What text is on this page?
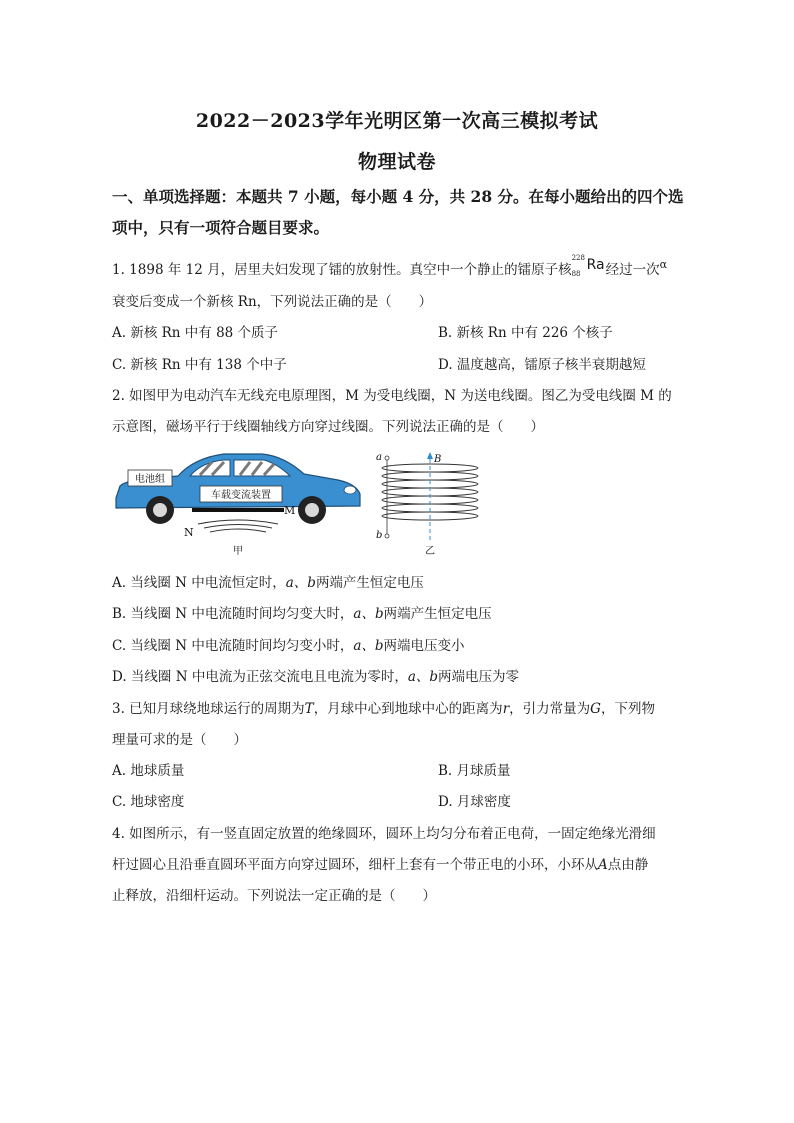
2022－2023学年光明区第一次高三模拟考试
物理试卷
一、单项选择题：本题共 7 小题，每小题 4 分，共 28 分。在每小题给出的四个选
项中，只有一项符合题目要求。
1. 1898 年 12 月，居里夫妇发现了镭的放射性。真空中一个静止的镭原子核
228
88
Ra 经过一次$^\alpha$
衰变后变成一个新核 Rn，下列说法正确的是（　　）
A. 新核 Rn 中有 88 个质子	B. 新核 Rn 中有 226 个核子
C. 新核 Rn 中有 138 个中子	D. 温度越高，镭原子核半衰期越短
2. 如图甲为电动汽车无线充电原理图，M 为受电线圈，N 为送电线圈。图乙为受电线圈 M 的
示意图，磁场平行于线圈轴线方向穿过线圈。下列说法正确的是（　　）
电池组
车载变流装置
M
N
甲
a
b
B
乙
A. 当线圈 N 中电流恒定时，a、b两端产生恒定电压
B. 当线圈 N 中电流随时间均匀变大时，a、b两端产生恒定电压
C. 当线圈 N 中电流随时间均匀变小时，a、b两端电压变小
D. 当线圈 N 中电流为正弦交流电且电流为零时，a、b两端电压为零
3. 已知月球绕地球运行的周期为T，月球中心到地球中心的距离为r，引力常量为G，下列物
理量可求的是（　　）
A. 地球质量	B. 月球质量
C. 地球密度	D. 月球密度
4. 如图所示，有一竖直固定放置的绝缘圆环，圆环上均匀分布着正电荷，一固定绝缘光滑细
杆过圆心且沿垂直圆环平面方向穿过圆环，细杆上套有一个带正电的小环，小环从A点由静
止释放，沿细杆运动。下列说法一定正确的是（　　）
